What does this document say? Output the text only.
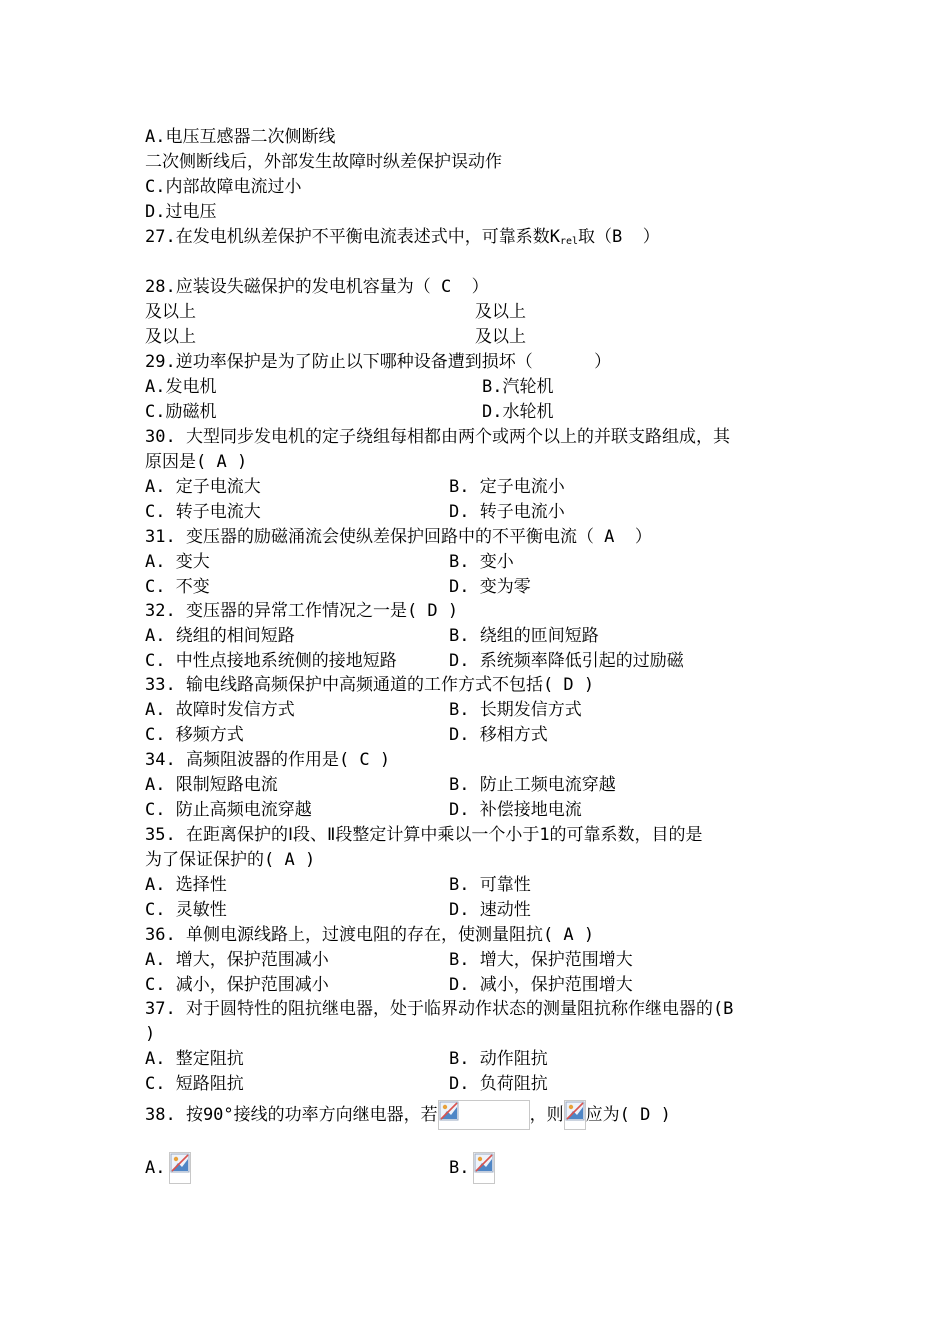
A.电压互感器二次侧断线
二次侧断线后，外部发生故障时纵差保护误动作
C.内部故障电流过小
D.过电压
27.在发电机纵差保护不平衡电流表述式中，可靠系数$K_{rel}$取（B  ）
28.应装设失磁保护的发电机容量为（ C  ）
及以上	及以上
及以上	及以上
29.逆功率保护是为了防止以下哪种设备遭到损坏（      ）
A.发电机	B.汽轮机
C.励磁机	D.水轮机
30. 大型同步发电机的定子绕组每相都由两个或两个以上的并联支路组成，其
原因是( A )
A. 定子电流大	B. 定子电流小
C. 转子电流大	D. 转子电流小
31. 变压器的励磁涌流会使纵差保护回路中的不平衡电流（ A  ）
A. 变大	B. 变小
C. 不变	D. 变为零
32. 变压器的异常工作情况之一是( D )
A. 绕组的相间短路	B. 绕组的匝间短路
C. 中性点接地系统侧的接地短路	D. 系统频率降低引起的过励磁
33. 输电线路高频保护中高频通道的工作方式不包括( D )
A. 故障时发信方式	B. 长期发信方式
C. 移频方式	D. 移相方式
34. 高频阻波器的作用是( C )
A. 限制短路电流	B. 防止工频电流穿越
C. 防止高频电流穿越	D. 补偿接地电流
35. 在距离保护的Ⅰ段、Ⅱ段整定计算中乘以一个小于1的可靠系数，目的是
为了保证保护的( A )
A. 选择性	B. 可靠性
C. 灵敏性	D. 速动性
36. 单侧电源线路上，过渡电阻的存在，使测量阻抗( A )
A. 增大，保护范围减小	B. 增大，保护范围增大
C. 减小，保护范围减小	D. 减小，保护范围增大
37. 对于圆特性的阻抗继电器，处于临界动作状态的测量阻抗称作继电器的(B
)
A. 整定阻抗	B. 动作阻抗
C. 短路阻抗	D. 负荷阻抗
38. 按90°接线的功率方向继电器，若	，则 应为( D )
A.	B.
